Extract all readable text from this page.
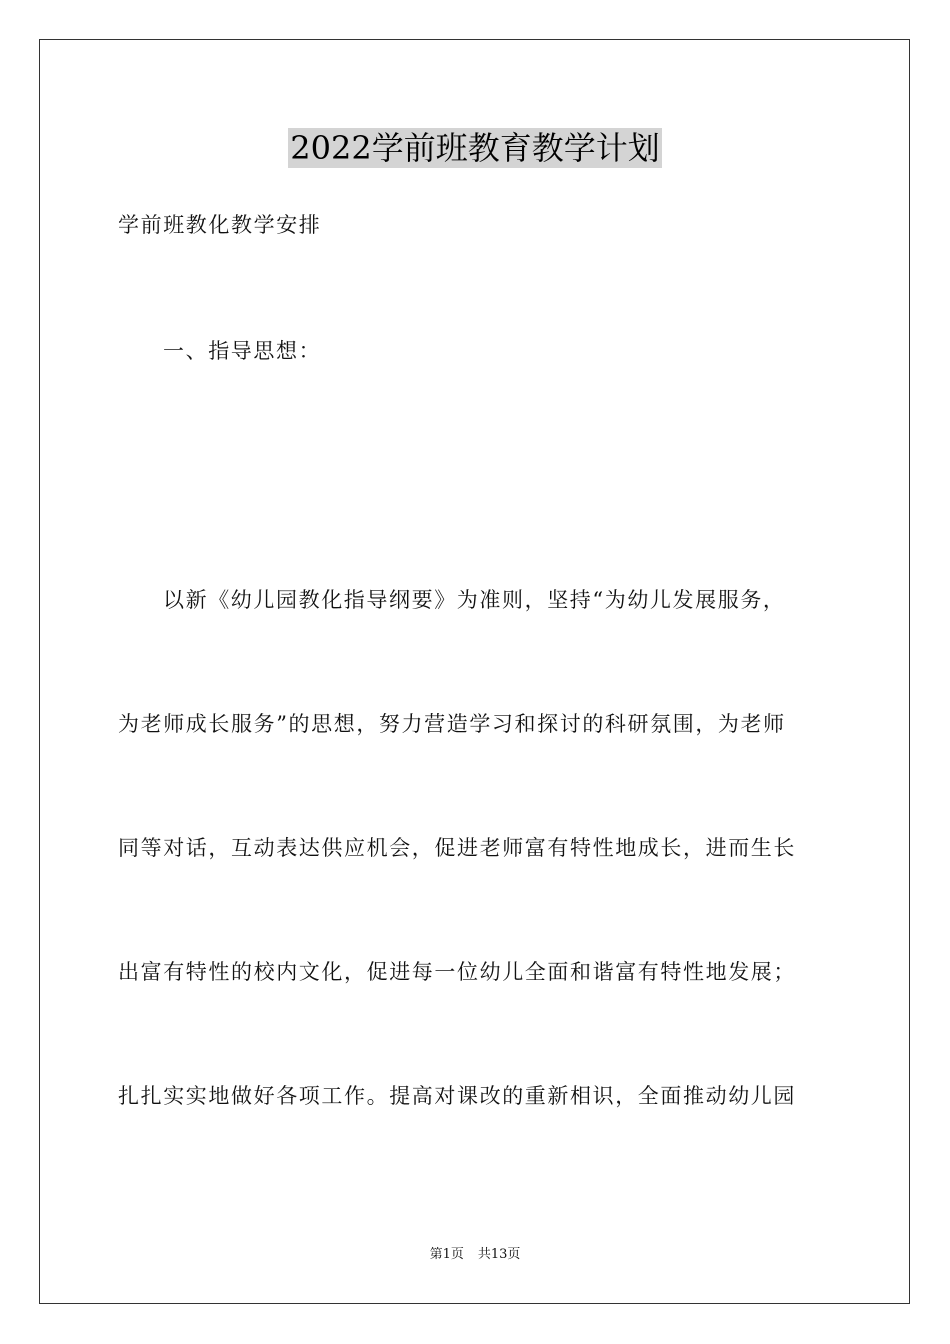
2022学前班教育教学计划
学前班教化教学安排
一、指导思想：
以新《幼儿园教化指导纲要》为准则，坚持“为幼儿发展服务，
为老师成长服务”的思想，努力营造学习和探讨的科研氛围，为老师
同等对话，互动表达供应机会，促进老师富有特性地成长，进而生长
出富有特性的校内文化，促进每一位幼儿全面和谐富有特性地发展；
扎扎实实地做好各项工作。提高对课改的重新相识，全面推动幼儿园
第1页 共13页
